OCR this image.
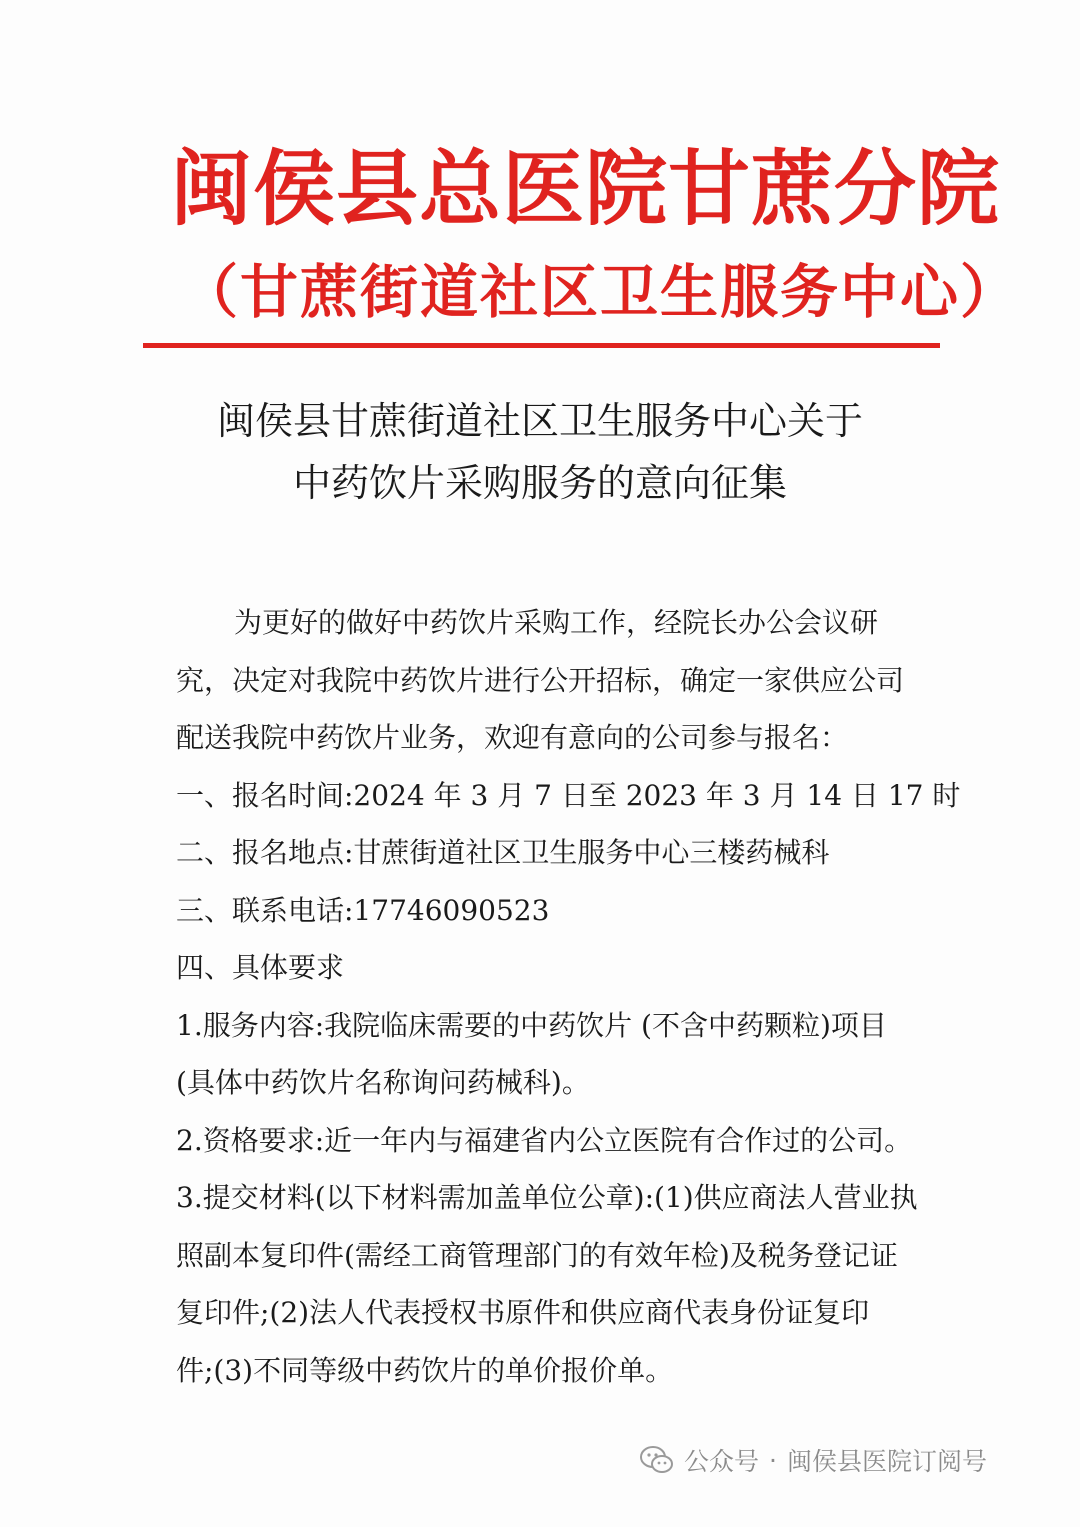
闽侯县总医院甘蔗分院
（甘蔗街道社区卫生服务中心）
闽侯县甘蔗街道社区卫生服务中心关于
中药饮片采购服务的意向征集

为更好的做好中药饮片采购工作，经院长办公会议研

究，决定对我院中药饮片进行公开招标，确定一家供应公司

配送我院中药饮片业务，欢迎有意向的公司参与报名：

一、报名时间:2024 年 3 月 7 日至 2023 年 3 月 14 日 17 时

二、报名地点:甘蔗街道社区卫生服务中心三楼药械科

三、联系电话:17746090523

四、具体要求

1.服务内容:我院临床需要的中药饮片 (不含中药颗粒)项目

(具体中药饮片名称询问药械科)。

2.资格要求:近一年内与福建省内公立医院有合作过的公司。

3.提交材料(以下材料需加盖单位公章):(1)供应商法人营业执

照副本复印件(需经工商管理部门的有效年检)及税务登记证

复印件;(2)法人代表授权书原件和供应商代表身份证复印

件;(3)不同等级中药饮片的单价报价单。

公众号 · 闽侯县医院订阅号
